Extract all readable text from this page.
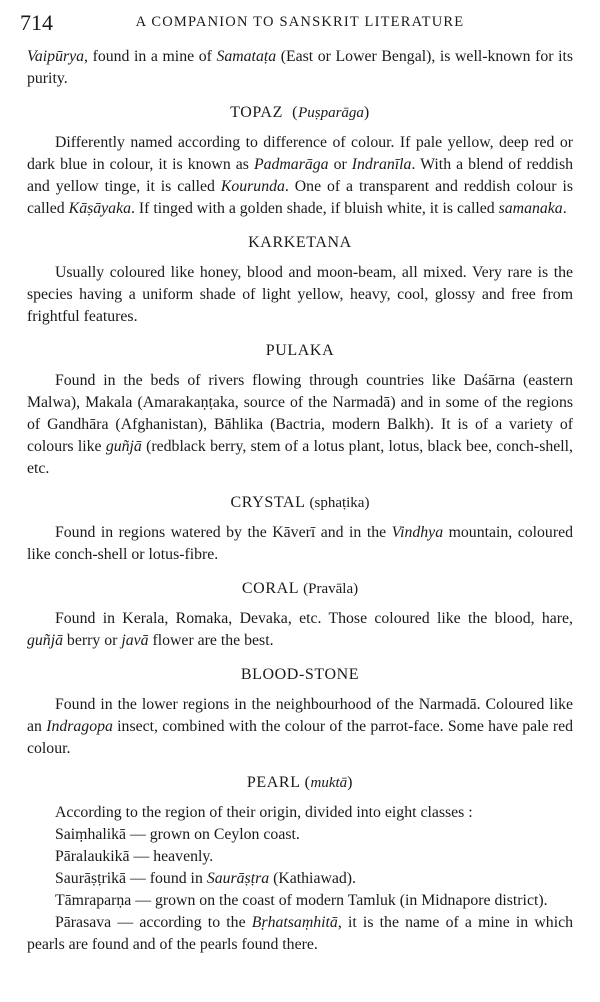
714	A COMPANION TO SANSKRIT LITERATURE

Vaipūrya, found in a mine of Samataṭa (East or Lower Bengal), is well-known for its purity.

TOPAZ  (Puṣparāga)

Differently named according to difference of colour. If pale yellow, deep red or dark blue in colour, it is known as Padmarāga or Indranīla. With a blend of reddish and yellow tinge, it is called Kourunda. One of a transparent and reddish colour is called Kāṣāyaka. If tinged with a golden shade, if bluish white, it is called samanaka.

KARKETANA

Usually coloured like honey, blood and moon-beam, all mixed. Very rare is the species having a uniform shade of light yellow, heavy, cool, glossy and free from frightful features.

PULAKA

Found in the beds of rivers flowing through countries like Daśārna (eastern Malwa), Makala (Amarakaṇṭaka, source of the Narmadā) and in some of the regions of Gandhāra (Afghanistan), Bāhlika (Bactria, modern Balkh). It is of a variety of colours like guñjā (redblack berry, stem of a lotus plant, lotus, black bee, conch-shell, etc.

CRYSTAL (sphaṭika)

Found in regions watered by the Kāverī and in the Vindhya mountain, coloured like conch-shell or lotus-fibre.

CORAL (Pravāla)

Found in Kerala, Romaka, Devaka, etc. Those coloured like the blood, hare, guñjā berry or javā flower are the best.

BLOOD-STONE

Found in the lower regions in the neighbourhood of the Narmadā. Coloured like an Indragopa insect, combined with the colour of the parrot-face. Some have pale red colour.

PEARL (muktā)

According to the region of their origin, divided into eight classes :

Saiṃhalikā — grown on Ceylon coast.

Pāralaukikā — heavenly.

Saurāṣṭrikā — found in Saurāṣṭra (Kathiawad).

Tāmraparṇa — grown on the coast of modern Tamluk (in Midnapore district).

Pārasava — according to the Bṛhatsaṃhitā, it is the name of a mine in which pearls are found and of the pearls found there.
